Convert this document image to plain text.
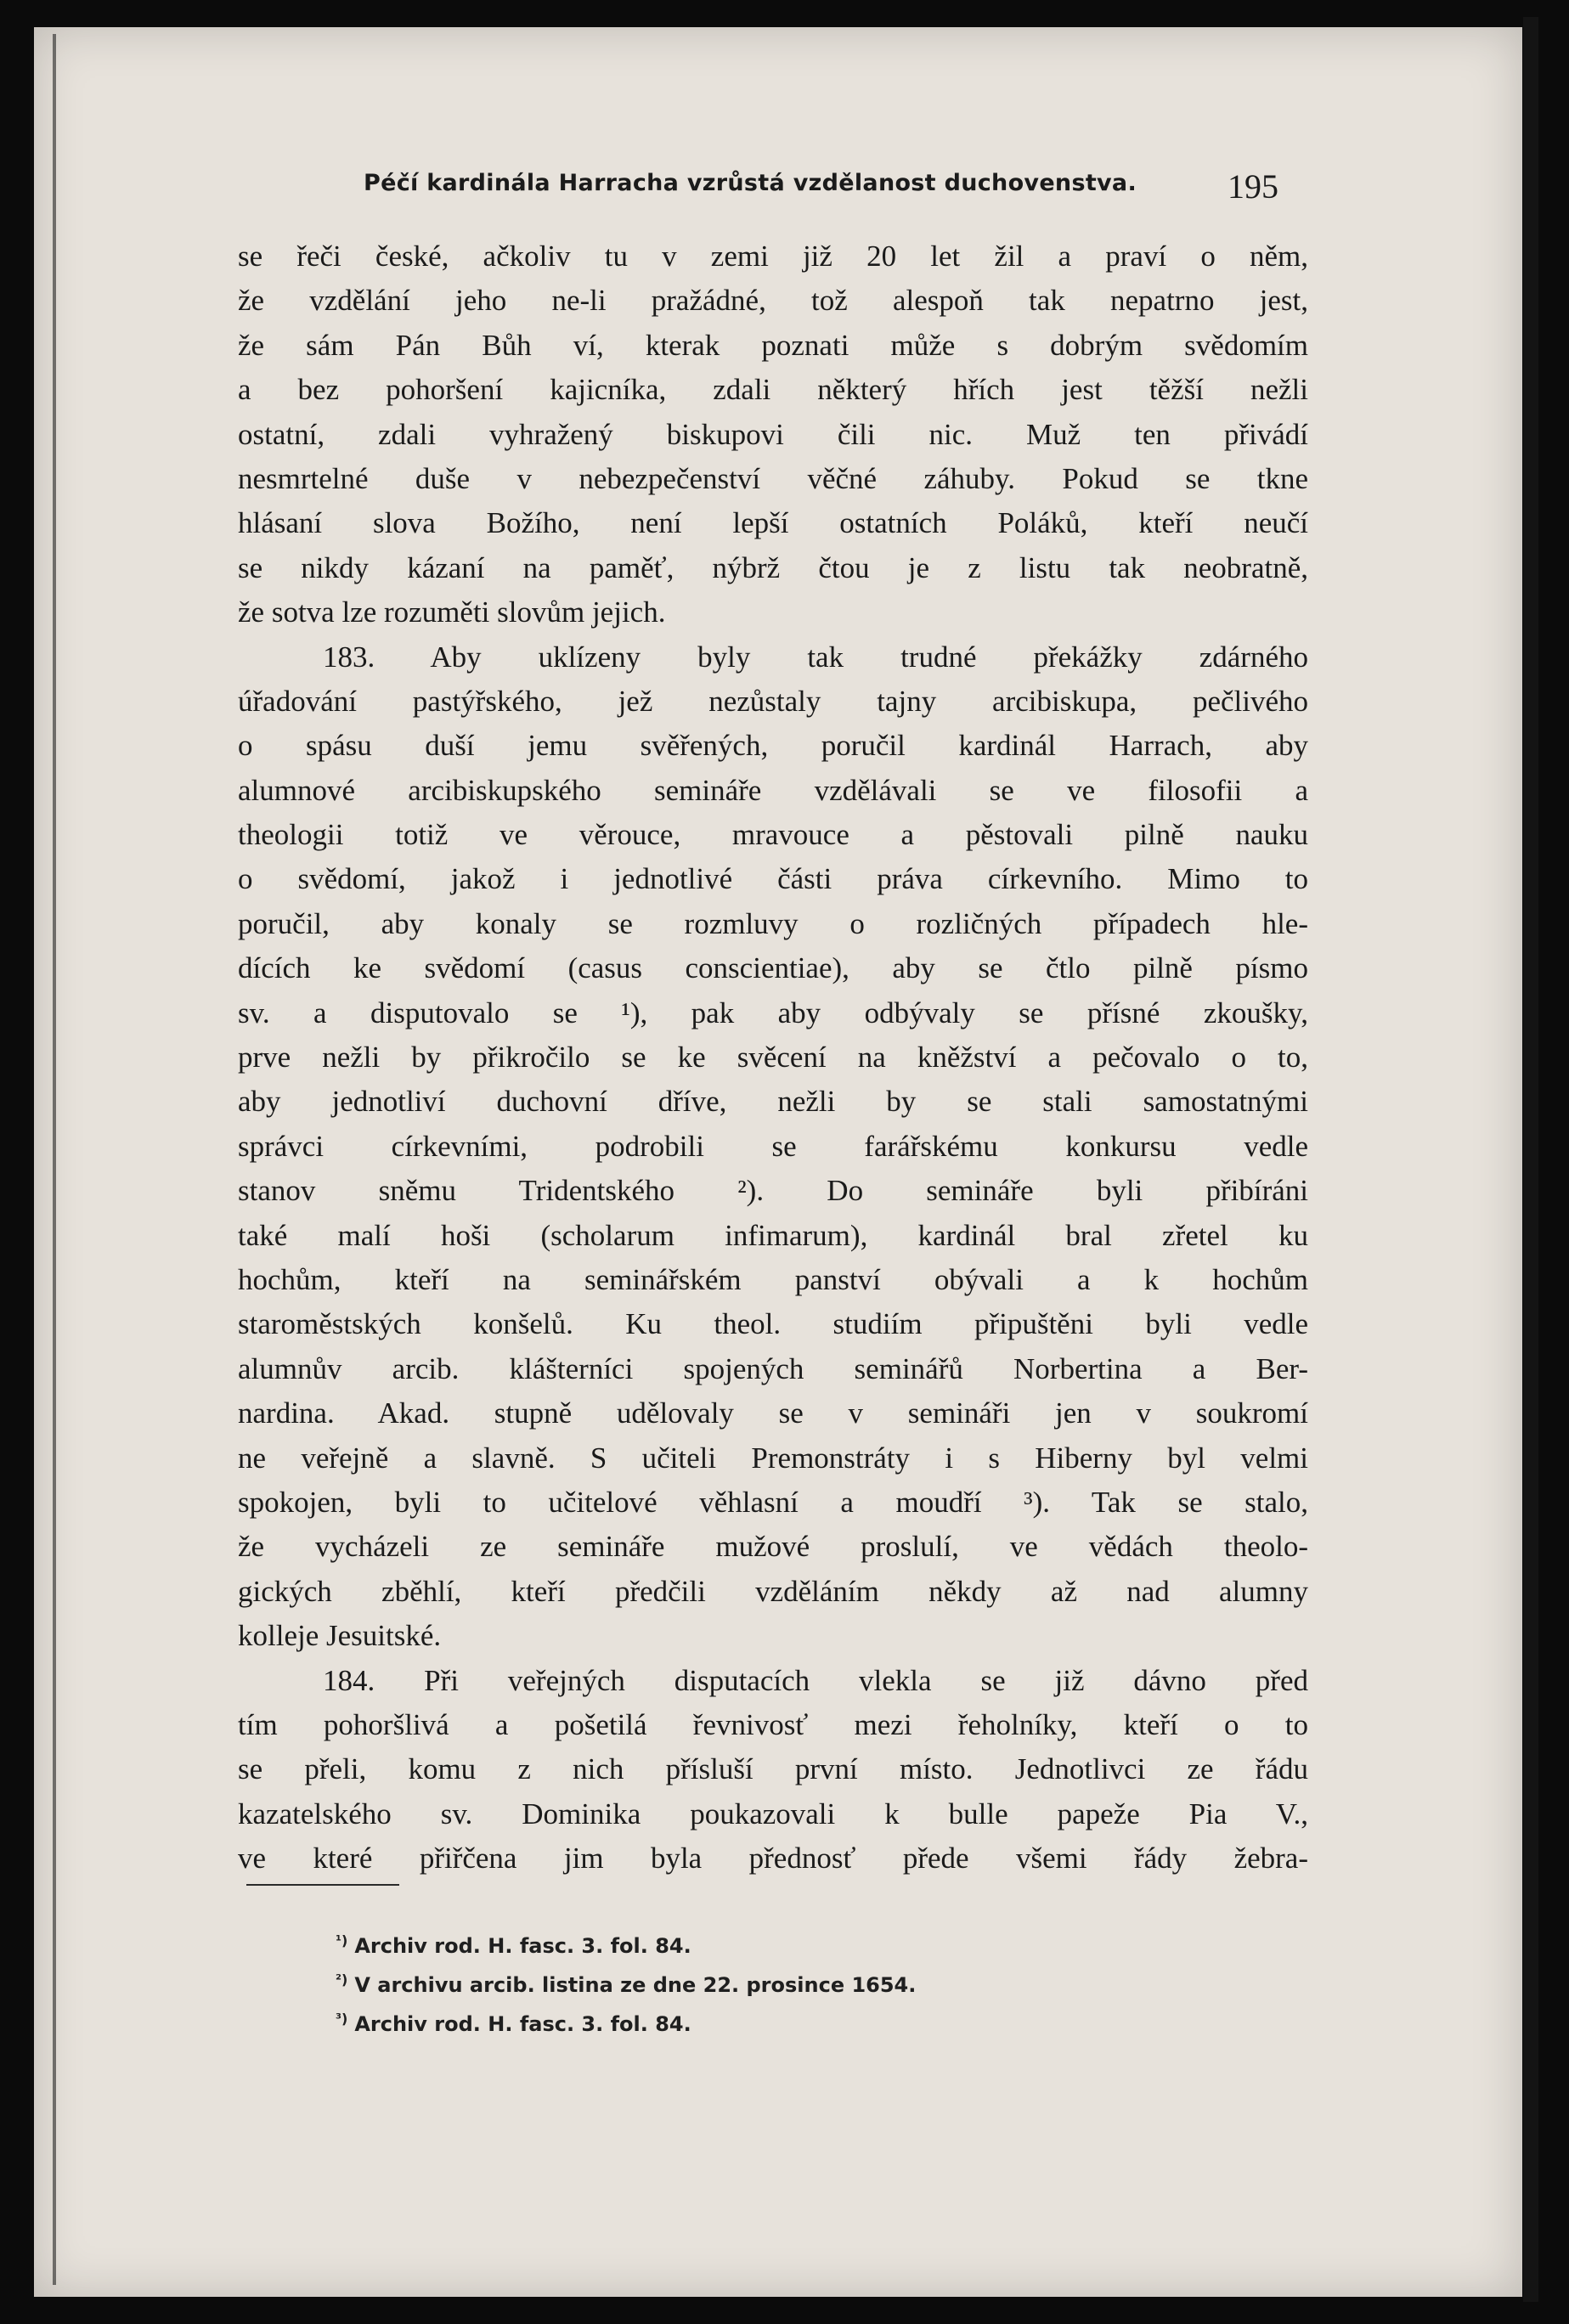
Péčí kardinála Harracha vzrůstá vzdělanost duchovenstva.	195
se řeči české, ačkoliv tu v zemi již 20 let žil a praví o něm,
že vzdělání jeho ne-li pražádné, tož alespoň tak nepatrno jest,
že sám Pán Bůh ví, kterak poznati může s dobrým svědomím
a bez pohoršení kajicníka, zdali některý hřích jest těžší nežli
ostatní, zdali vyhražený biskupovi čili nic. Muž ten přivádí
nesmrtelné duše v nebezpečenství věčné záhuby. Pokud se tkne
hlásaní slova Božího, není lepší ostatních Poláků, kteří neučí
se nikdy kázaní na paměť, nýbrž čtou je z listu tak neobratně,
že sotva lze rozuměti slovům jejich.
183. Aby uklízeny byly tak trudné překážky zdárného
úřadování pastýřského, jež nezůstaly tajny arcibiskupa, pečlivého
o spásu duší jemu svěřených, poručil kardinál Harrach, aby
alumnové arcibiskupského semináře vzdělávali se ve filosofii a
theologii totiž ve věrouce, mravouce a pěstovali pilně nauku
o svědomí, jakož i jednotlivé části práva církevního. Mimo to
poručil, aby konaly se rozmluvy o rozličných případech hle-
dících ke svědomí (casus conscientiae), aby se čtlo pilně písmo
sv. a disputovalo se ¹), pak aby odbývaly se přísné zkoušky,
prve nežli by přikročilo se ke svěcení na kněžství a pečovalo o to,
aby jednotliví duchovní dříve, nežli by se stali samostatnými
správci církevními, podrobili se farářskému konkursu vedle
stanov sněmu Tridentského ²). Do semináře byli přibíráni
také malí hoši (scholarum infimarum), kardinál bral zřetel ku
hochům, kteří na seminářském panství obývali a k hochům
staroměstských konšelů. Ku theol. studiím připuštěni byli vedle
alumnův arcib. klášterníci spojených seminářů Norbertina a Ber-
nardina. Akad. stupně udělovaly se v semináři jen v soukromí
ne veřejně a slavně. S učiteli Premonstráty i s Hiberny byl velmi
spokojen, byli to učitelové věhlasní a moudří ³). Tak se stalo,
že vycházeli ze semináře mužové proslulí, ve vědách theolo-
gických zběhlí, kteří předčili vzděláním někdy až nad alumny
kolleje Jesuitské.
184. Při veřejných disputacích vlekla se již dávno před
tím pohoršlivá a pošetilá řevnivosť mezi řeholníky, kteří o to
se přeli, komu z nich přísluší první místo. Jednotlivci ze řádu
kazatelského sv. Dominika poukazovali k bulle papeže Pia V.,
ve které přiřčena jim byla přednosť přede všemi řády žebra-
$^{^1)}$ Archiv rod. H. fasc. 3. fol. 84.
$^{^2)}$ V archivu arcib. listina ze dne 22. prosince 1654.
$^{^3)}$ Archiv rod. H. fasc. 3. fol. 84.
